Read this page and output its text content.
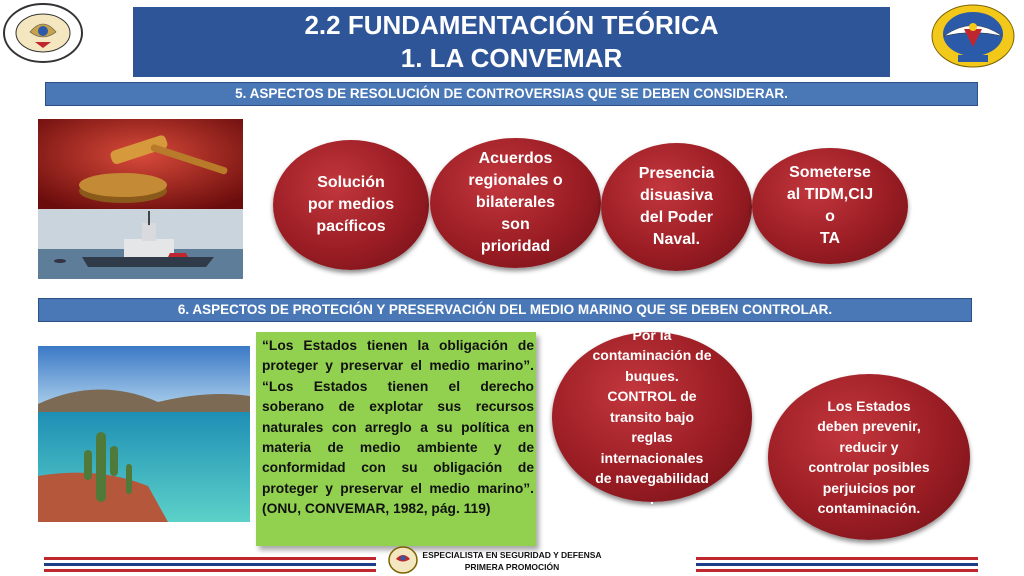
2.2 FUNDAMENTACIÓN TEÓRICA
1. LA CONVEMAR
5. ASPECTOS DE RESOLUCIÓN DE CONTROVERSIAS QUE SE DEBEN CONSIDERAR.
Solución
por medios
pacíficos
Acuerdos
regionales o
bilaterales
son
prioridad
Presencia
disuasiva
del Poder
Naval.
Someterse
al TIDM,CIJ
o
TA
6. ASPECTOS DE PROTECIÓN Y PRESERVACIÓN DEL MEDIO MARINO QUE SE DEBEN CONTROLAR.
“Los Estados tienen la obligación de proteger y preservar el medio marino”. “Los Estados tienen el derecho soberano de explotar sus recursos naturales con arreglo a su política en materia de medio ambiente y de conformidad con su obligación de proteger y preservar el medio marino”. (ONU, CONVEMAR, 1982, pág. 119)
Por la
contaminación de
buques.
CONTROL de
transito bajo
reglas
internacionales
de navegabilidad
.
Los Estados
deben prevenir,
reducir y
controlar posibles
perjuicios por
contaminación.
ESPECIALISTA EN SEGURIDAD Y DEFENSA
PRIMERA PROMOCIÓN
